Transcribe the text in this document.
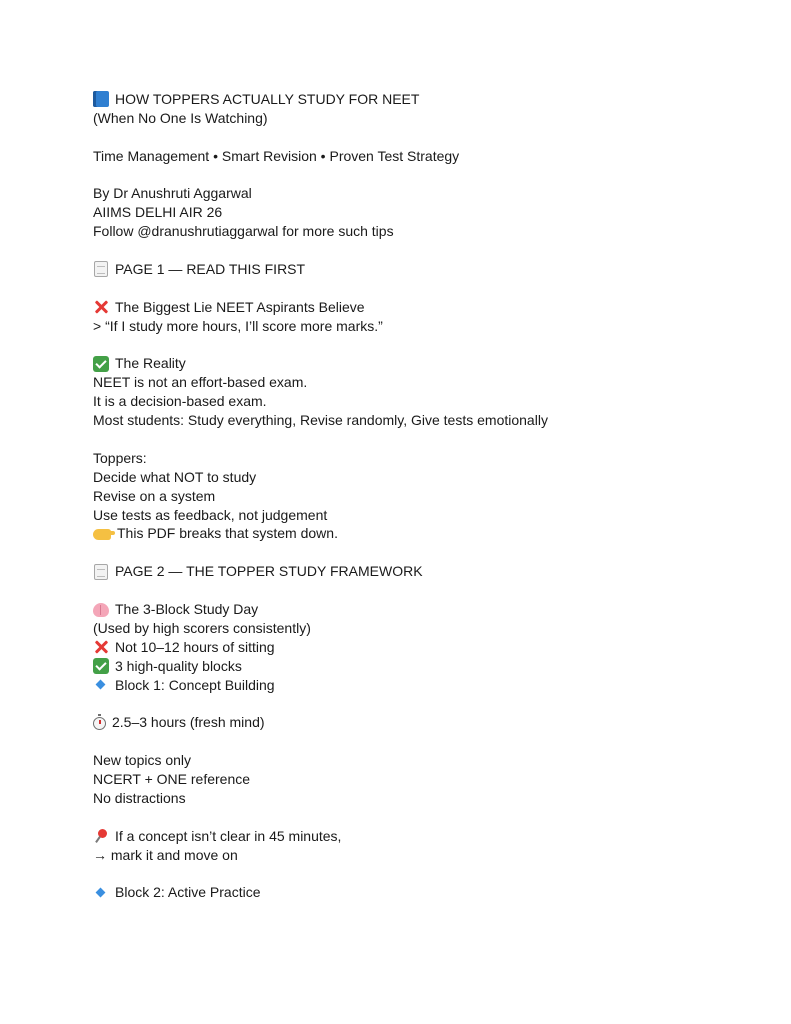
HOW TOPPERS ACTUALLY STUDY FOR NEET
(When No One Is Watching)
Time Management • Smart Revision • Proven Test Strategy
By Dr Anushruti Aggarwal
AIIMS DELHI AIR 26
Follow @dranushrutiaggarwal for more such tips
PAGE 1 — READ THIS FIRST
The Biggest Lie NEET Aspirants Believe
> “If I study more hours, I’ll score more marks.”
The Reality
NEET is not an effort-based exam.
It is a decision-based exam.
Most students: Study everything, Revise randomly, Give tests emotionally
Toppers:
Decide what NOT to study
Revise on a system
Use tests as feedback, not judgement
This PDF breaks that system down.
PAGE 2 — THE TOPPER STUDY FRAMEWORK
The 3-Block Study Day
(Used by high scorers consistently)
Not 10–12 hours of sitting
3 high-quality blocks
Block 1: Concept Building
2.5–3 hours (fresh mind)
New topics only
NCERT + ONE reference
No distractions
If a concept isn’t clear in 45 minutes,
→ mark it and move on
Block 2: Active Practice
